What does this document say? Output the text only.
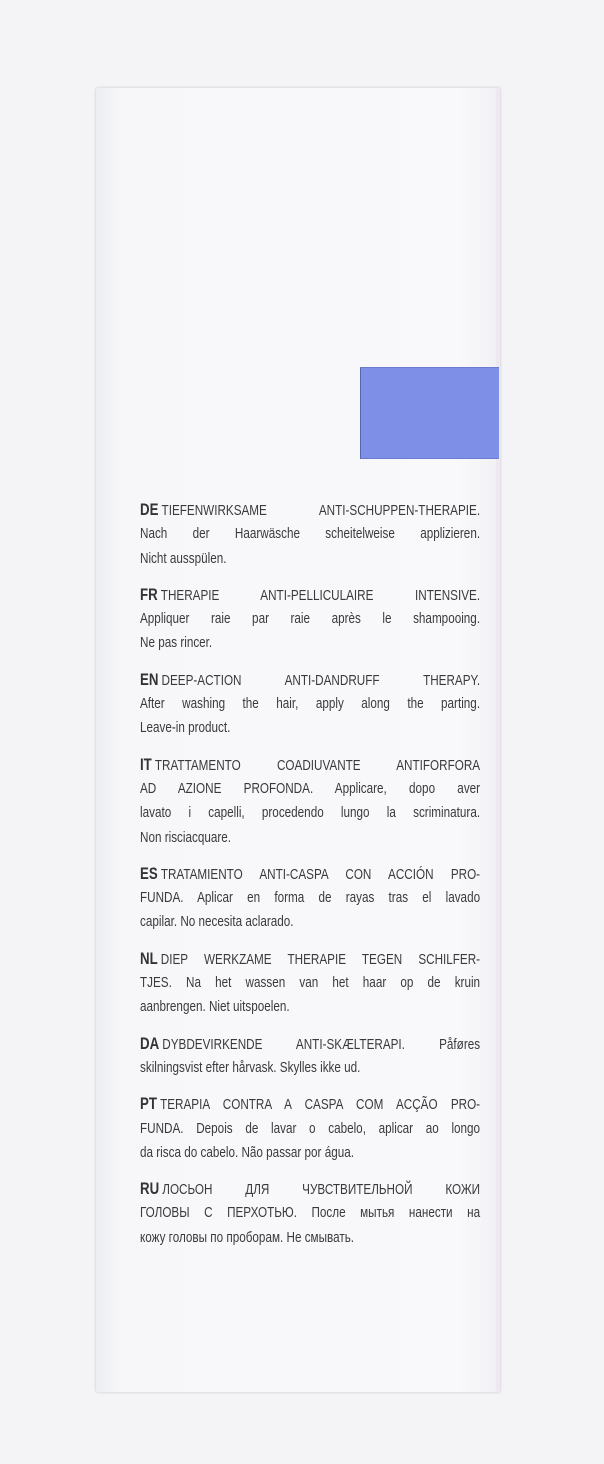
DE TIEFENWIRKSAME ANTI-SCHUPPEN-THERAPIE.
Nach der Haarwäsche scheitelweise applizieren.
Nicht ausspülen.
FR THERAPIE ANTI-PELLICULAIRE INTENSIVE.
Appliquer raie par raie après le shampooing.
Ne pas rincer.
EN DEEP-ACTION ANTI-DANDRUFF THERAPY.
After washing the hair, apply along the parting.
Leave-in product.
IT TRATTAMENTO COADIUVANTE ANTIFORFORA
AD AZIONE PROFONDA. Applicare, dopo aver
lavato i capelli, procedendo lungo la scriminatura.
Non risciacquare.
ES TRATAMIENTO ANTI-CASPA CON ACCIÓN PRO-
FUNDA. Aplicar en forma de rayas tras el lavado
capilar. No necesita aclarado.
NL DIEP WERKZAME THERAPIE TEGEN SCHILFER-
TJES. Na het wassen van het haar op de kruin
aanbrengen. Niet uitspoelen.
DA DYBDEVIRKENDE ANTI-SKÆLTERAPI. Påføres
skilningsvist efter hårvask. Skylles ikke ud.
PT TERAPIA CONTRA A CASPA COM ACÇÃO PRO-
FUNDA. Depois de lavar o cabelo, aplicar ao longo
da risca do cabelo. Não passar por água.
RU ЛОСЬОН ДЛЯ ЧУВСТВИТЕЛЬНОЙ КОЖИ
ГОЛОВЫ С ПЕРХОТЬЮ. После мытья нанести на
кожу головы по проборам. Не смывать.
